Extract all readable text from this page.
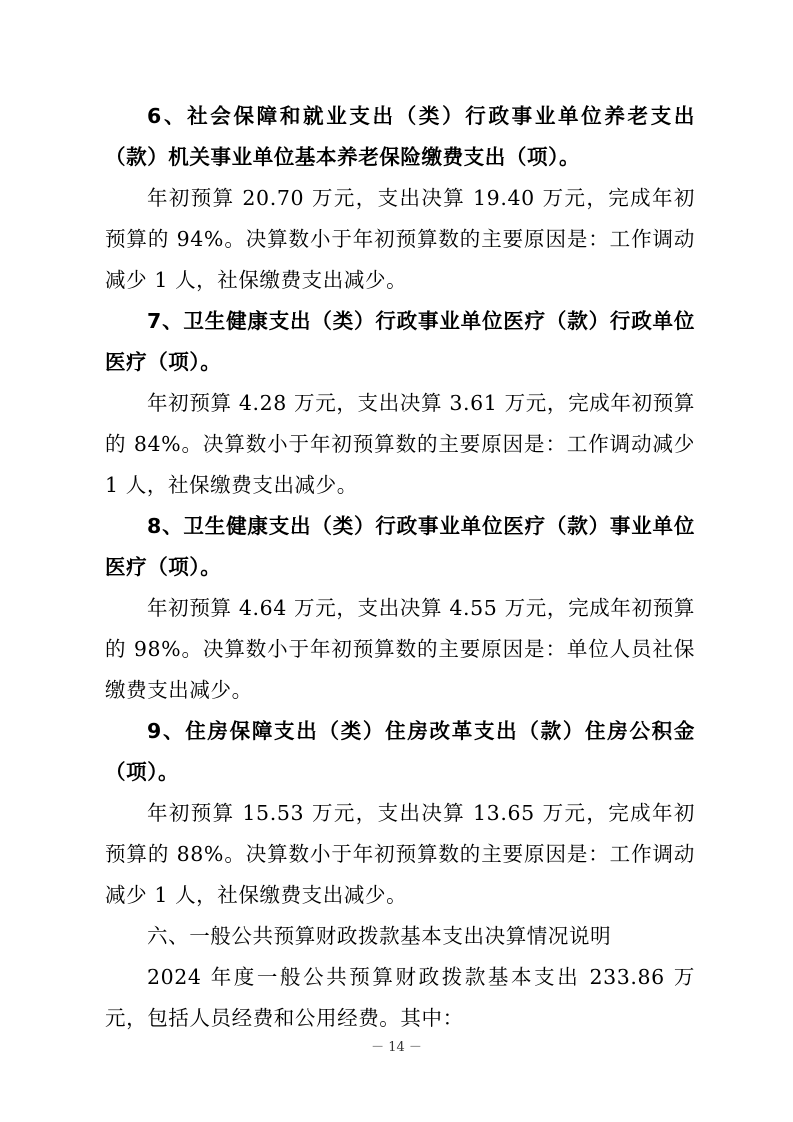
6、社会保障和就业支出（类）行政事业单位养老支出（款）机关事业单位基本养老保险缴费支出（项）。

年初预算 20.70 万元，支出决算 19.40 万元，完成年初预算的 94%。决算数小于年初预算数的主要原因是：工作调动减少 1 人，社保缴费支出减少。

7、卫生健康支出（类）行政事业单位医疗（款）行政单位医疗（项）。

年初预算 4.28 万元，支出决算 3.61 万元，完成年初预算的 84%。决算数小于年初预算数的主要原因是：工作调动减少 1 人，社保缴费支出减少。

8、卫生健康支出（类）行政事业单位医疗（款）事业单位医疗（项）。

年初预算 4.64 万元，支出决算 4.55 万元，完成年初预算的 98%。决算数小于年初预算数的主要原因是：单位人员社保缴费支出减少。

9、住房保障支出（类）住房改革支出（款）住房公积金（项）。

年初预算 15.53 万元，支出决算 13.65 万元，完成年初预算的 88%。决算数小于年初预算数的主要原因是：工作调动减少 1 人，社保缴费支出减少。

六、一般公共预算财政拨款基本支出决算情况说明

2024 年度一般公共预算财政拨款基本支出 233.86 万元，包括人员经费和公用经费。其中：

－ 14 －
